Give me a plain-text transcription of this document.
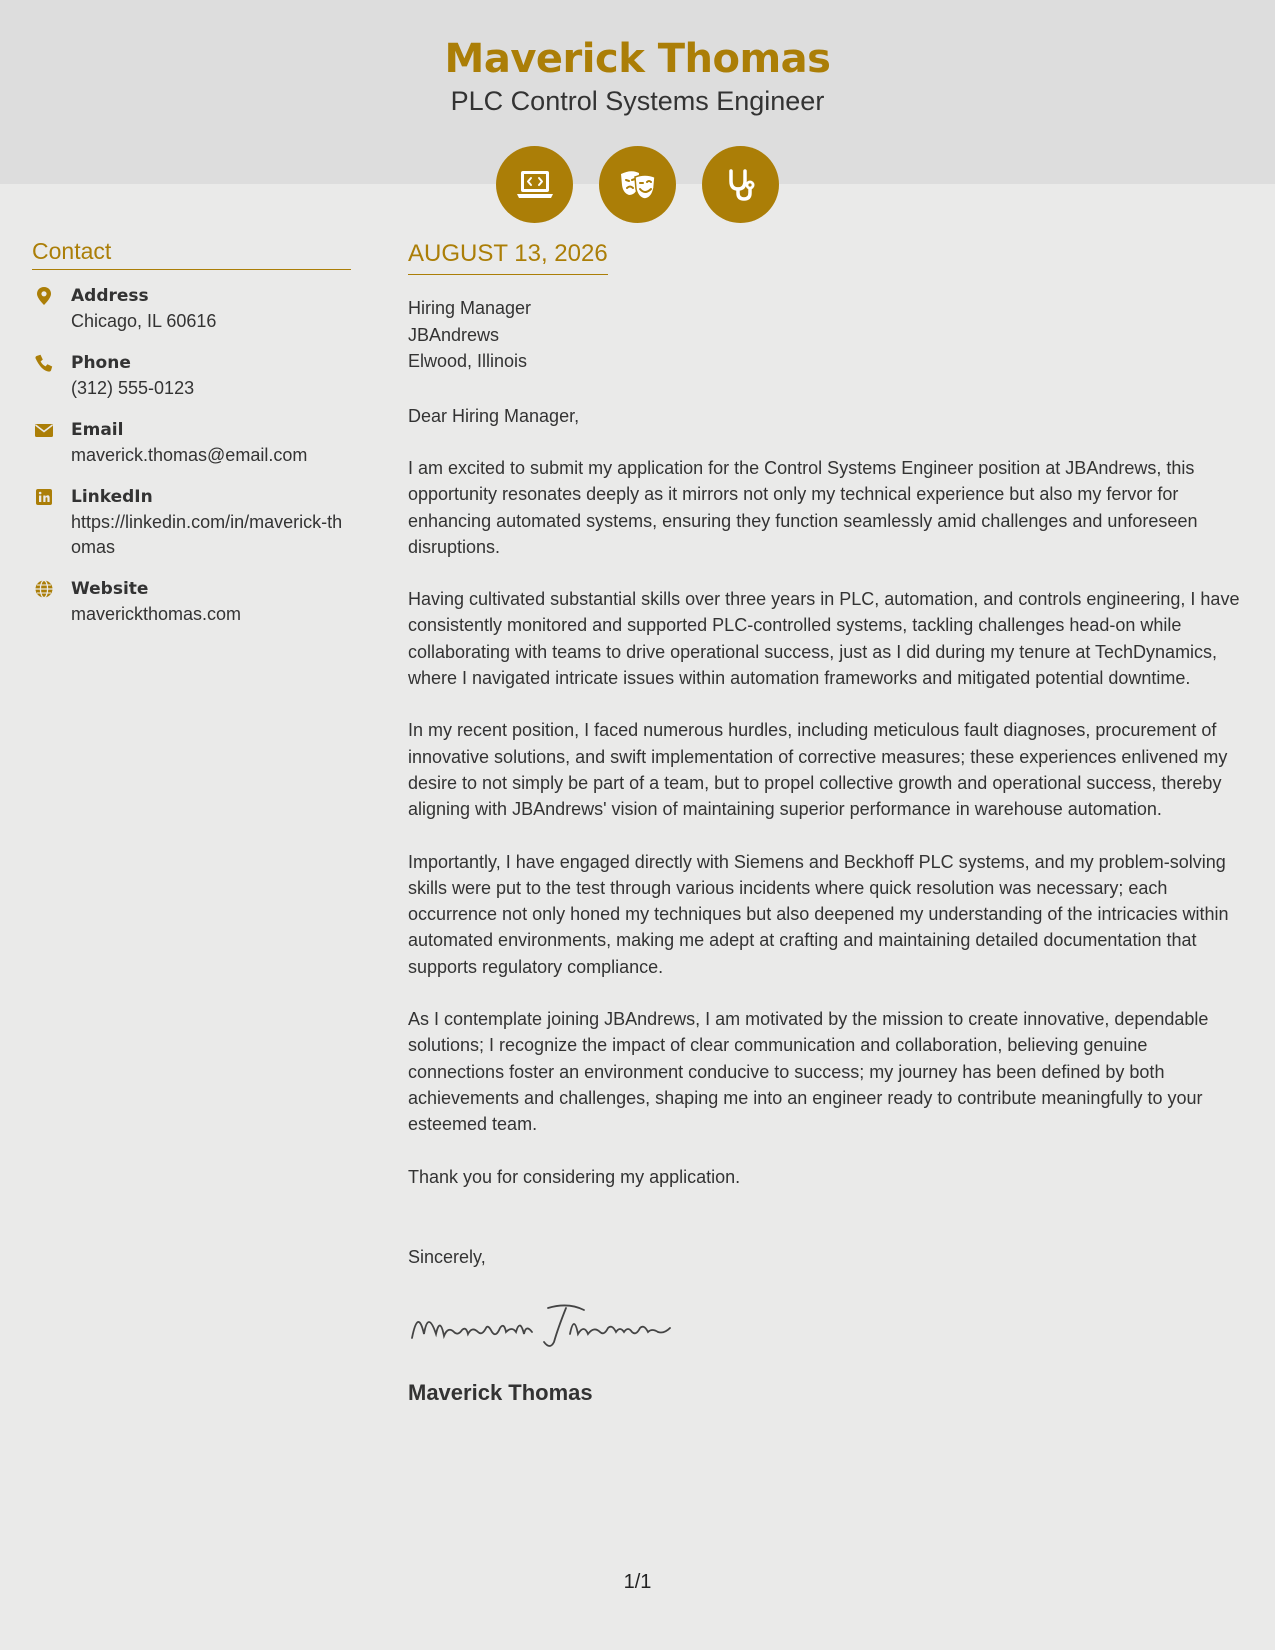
Maverick Thomas
PLC Control Systems Engineer
Contact
Address
Chicago, IL 60616
Phone
(312) 555-0123
Email
maverick.thomas@email.com
LinkedIn
https://linkedin.com/in/maverick-thomas
Website
maverickthomas.com
AUGUST 13, 2026
Hiring Manager
JBAndrews
Elwood, Illinois
Dear Hiring Manager,
I am excited to submit my application for the Control Systems Engineer position at JBAndrews, this opportunity resonates deeply as it mirrors not only my technical experience but also my fervor for enhancing automated systems, ensuring they function seamlessly amid challenges and unforeseen disruptions.
Having cultivated substantial skills over three years in PLC, automation, and controls engineering, I have consistently monitored and supported PLC-controlled systems, tackling challenges head-on while collaborating with teams to drive operational success, just as I did during my tenure at TechDynamics, where I navigated intricate issues within automation frameworks and mitigated potential downtime.
In my recent position, I faced numerous hurdles, including meticulous fault diagnoses, procurement of innovative solutions, and swift implementation of corrective measures; these experiences enlivened my desire to not simply be part of a team, but to propel collective growth and operational success, thereby aligning with JBAndrews' vision of maintaining superior performance in warehouse automation.
Importantly, I have engaged directly with Siemens and Beckhoff PLC systems, and my problem-solving skills were put to the test through various incidents where quick resolution was necessary; each occurrence not only honed my techniques but also deepened my understanding of the intricacies within automated environments, making me adept at crafting and maintaining detailed documentation that supports regulatory compliance.
As I contemplate joining JBAndrews, I am motivated by the mission to create innovative, dependable solutions; I recognize the impact of clear communication and collaboration, believing genuine connections foster an environment conducive to success; my journey has been defined by both achievements and challenges, shaping me into an engineer ready to contribute meaningfully to your esteemed team.
Thank you for considering my application.
Sincerely,
Maverick Thomas
1/1
